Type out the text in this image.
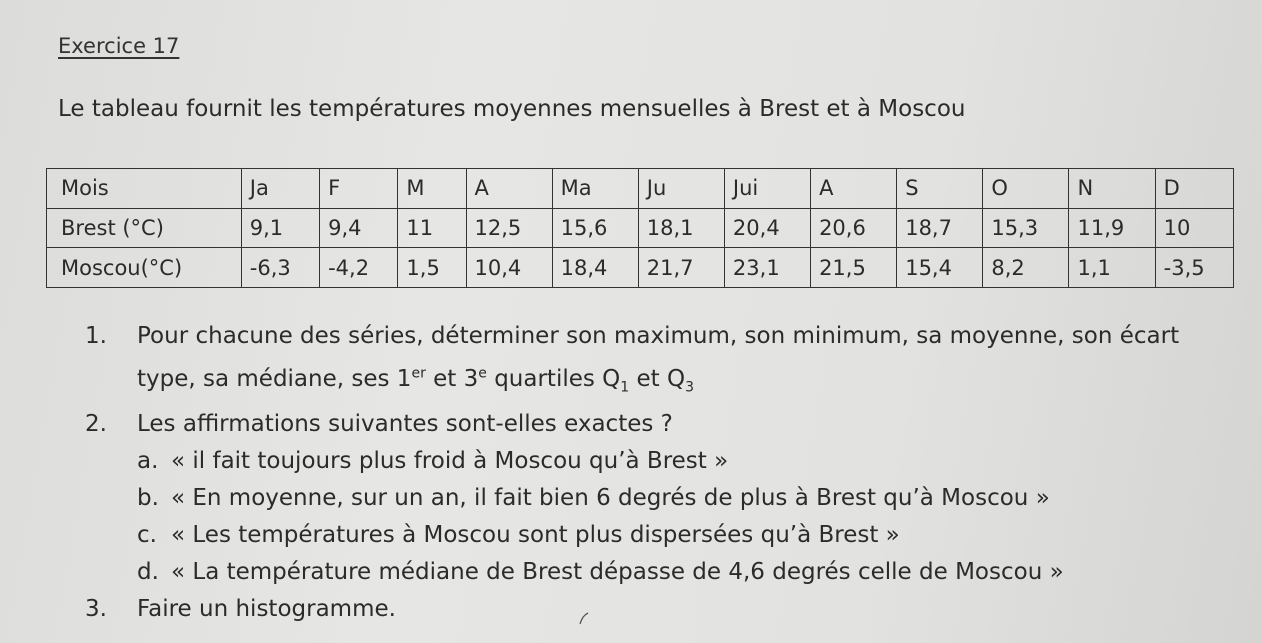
Exercice 17
Le tableau fournit les températures moyennes mensuelles à Brest et à Moscou
Mois	Ja	F	M	A	Ma	Ju	Jui	A	S	O	N	D
Brest (°C)	9,1	9,4	11	12,5	15,6	18,1	20,4	20,6	18,7	15,3	11,9	10
Moscou(°C)	-6,3	-4,2	1,5	10,4	18,4	21,7	23,1	21,5	15,4	8,2	1,1	-3,5
1. Pour chacune des séries, déterminer son maximum, son minimum, sa moyenne, son écart type, sa médiane, ses 1er et 3e quartiles $Q_1$ et $Q_3$
2. Les affirmations suivantes sont-elles exactes ?
a. « il fait toujours plus froid à Moscou qu’à Brest »
b. « En moyenne, sur un an, il fait bien 6 degrés de plus à Brest qu’à Moscou »
c. « Les températures à Moscou sont plus dispersées qu’à Brest »
d. « La température médiane de Brest dépasse de 4,6 degrés celle de Moscou »
3. Faire un histogramme.
